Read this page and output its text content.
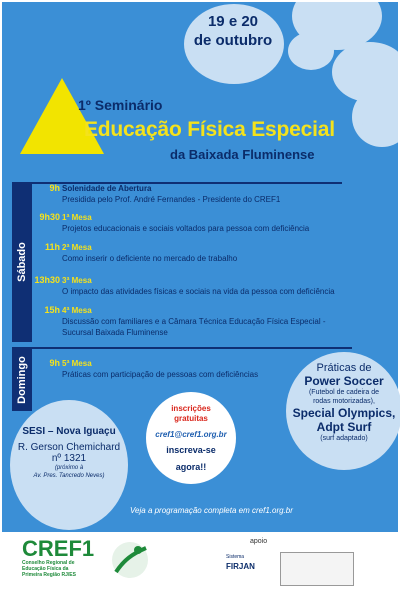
19 e 20
de outubro
1º Seminário
Educação Física Especial
da Baixada Fluminense
Sábado
Domingo
9h Solenidade de Abertura
Presidida pelo Prof. André Fernandes - Presidente do CREF1
9h30 1ª Mesa
Projetos educacionais e sociais voltados para pessoa com deficiência
11h 2ª Mesa
Como inserir o deficiente no mercado de trabalho
13h30 3ª Mesa
O impacto das atividades físicas e sociais na vida da pessoa com deficiência
15h 4ª Mesa
Discussão com familiares e a Câmara Técnica Educação Física Especial -
Sucursal Baixada Fluminense
9h 5ª Mesa
Práticas com participação de pessoas com deficiências
Práticas de
Power Soccer
(Futebol de cadeira de
rodas motorizadas),
Special Olympics,
Adpt Surf
(surf adaptado)
inscrições
gratuitas
cref1@cref1.org.br
inscreva-se
agora!!
SESI – Nova Iguaçu
R. Gerson Chemichard
nº 1321
(próximo à
Av. Pres. Tancredo Neves)
Veja a programação completa em cref1.org.br
CREF1
Conselho Regional de
Educação Física da
Primeira Região RJ/ES
apoio
Sistema
FIRJAN
